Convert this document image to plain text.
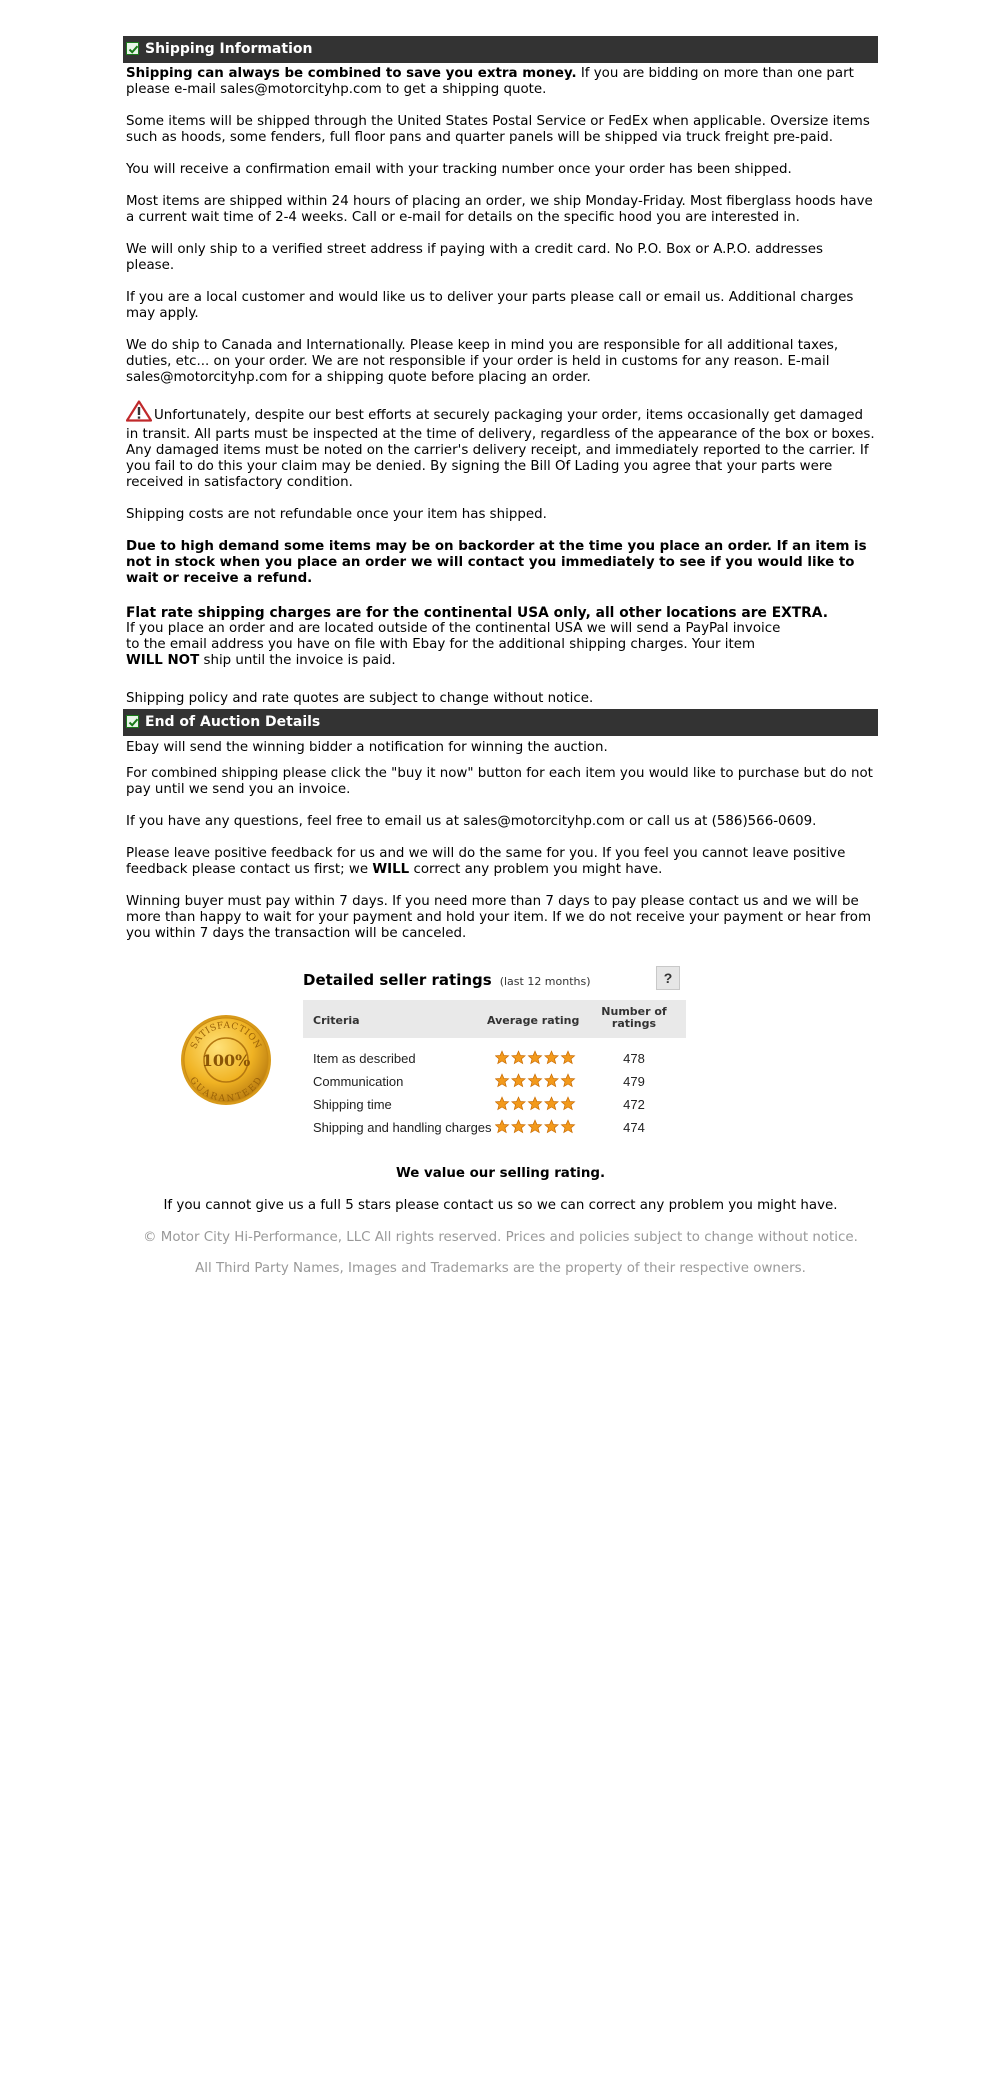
Shipping Information

Shipping can always be combined to save you extra money. If you are bidding on more than one part please e-mail sales@motorcityhp.com to get a shipping quote.

Some items will be shipped through the United States Postal Service or FedEx when applicable. Oversize items such as hoods, some fenders, full floor pans and quarter panels will be shipped via truck freight pre-paid.

You will receive a confirmation email with your tracking number once your order has been shipped.

Most items are shipped within 24 hours of placing an order, we ship Monday-Friday. Most fiberglass hoods have a current wait time of 2-4 weeks. Call or e-mail for details on the specific hood you are interested in.

We will only ship to a verified street address if paying with a credit card. No P.O. Box or A.P.O. addresses please.

If you are a local customer and would like us to deliver your parts please call or email us. Additional charges may apply.

We do ship to Canada and Internationally. Please keep in mind you are responsible for all additional taxes, duties, etc... on your order. We are not responsible if your order is held in customs for any reason. E-mail sales@motorcityhp.com for a shipping quote before placing an order.

Unfortunately, despite our best efforts at securely packaging your order, items occasionally get damaged in transit. All parts must be inspected at the time of delivery, regardless of the appearance of the box or boxes. Any damaged items must be noted on the carrier's delivery receipt, and immediately reported to the carrier. If you fail to do this your claim may be denied. By signing the Bill Of Lading you agree that your parts were received in satisfactory condition.

Shipping costs are not refundable once your item has shipped.

Due to high demand some items may be on backorder at the time you place an order. If an item is not in stock when you place an order we will contact you immediately to see if you would like to wait or receive a refund.

Flat rate shipping charges are for the continental USA only, all other locations are EXTRA.

If you place an order and are located outside of the continental USA we will send a PayPal invoice
to the email address you have on file with Ebay for the additional shipping charges. Your item
WILL NOT ship until the invoice is paid.

Shipping policy and rate quotes are subject to change without notice.

End of Auction Details

Ebay will send the winning bidder a notification for winning the auction.

For combined shipping please click the "buy it now" button for each item you would like to purchase but do not pay until we send you an invoice.

If you have any questions, feel free to email us at sales@motorcityhp.com or call us at (586)566-0609.

Please leave positive feedback for us and we will do the same for you. If you feel you cannot leave positive feedback please contact us first; we WILL correct any problem you might have.

Winning buyer must pay within 7 days. If you need more than 7 days to pay please contact us and we will be more than happy to wait for your payment and hold your item. If we do not receive your payment or hear from you within 7 days the transaction will be canceled.

SATISFACTION
GUARANTEED
100%
Detailed seller ratings (last 12 months)	?
Criteria	Average rating
Number of
ratings
Item as described	478
Communication	479
Shipping time	472
Shipping and handling charges	474
We value our selling rating.
If you cannot give us a full 5 stars please contact us so we can correct any problem you might have.
© Motor City Hi-Performance, LLC All rights reserved. Prices and policies subject to change without notice.
All Third Party Names, Images and Trademarks are the property of their respective owners.
